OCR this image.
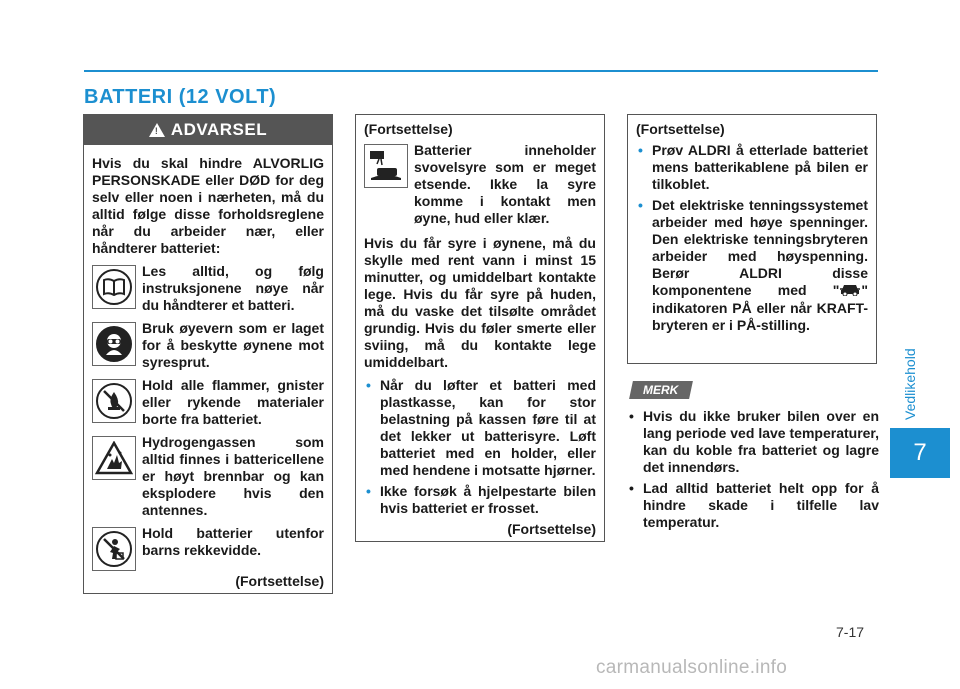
BATTERI (12 VOLT)
Vedlikehold
7
7-17
! ADVARSEL
Hvis du skal hindre ALVORLIG PERSONSKADE eller DØD for deg selv eller noen i nærheten, må du alltid følge disse forholdsreglene når du arbeider nær, eller håndterer batteriet:
Les alltid, og følg instruksjonene nøye når du håndterer et batteri.
Bruk øyevern som er laget for å beskytte øynene mot syresprut.
Hold alle flammer, gnister eller rykende materialer borte fra batteriet.
Hydrogengassen som alltid finnes i battericellene er høyt brennbar og kan eksplodere hvis den antennes.
Hold batterier utenfor barns rekkevidde.
(Fortsettelse)
(Fortsettelse)
Batterier inneholder svovelsyre som er meget etsende. Ikke la syre komme i kontakt men øyne, hud eller klær.
Hvis du får syre i øynene, må du skylle med rent vann i minst 15 minutter, og umiddelbart kontakte lege. Hvis du får syre på huden, må du vaske det tilsølte området grundig. Hvis du føler smerte eller sviing, må du kontakte lege umiddelbart.
• Når du løfter et batteri med plastkasse, kan for stor belastning på kassen føre til at det lekker ut batterisyre. Løft batteriet med en holder, eller med hendene i motsatte hjørner.
• Ikke forsøk å hjelpestarte bilen hvis batteriet er frosset.
(Fortsettelse)
(Fortsettelse)
• Prøv ALDRI å etterlade batteriet mens batterikablene på bilen er tilkoblet.
• Det elektriske tenningssystemet arbeider med høye spenninger. Den elektriske tenningsbryteren arbeider med høyspenning. Berør ALDRI disse komponentene med " " indikatoren PÅ eller når KRAFT-bryteren er i PÅ-stilling.
MERK
• Hvis du ikke bruker bilen over en lang periode ved lave temperaturer, kan du koble fra batteriet og lagre det innendørs.
• Lad alltid batteriet helt opp for å hindre skade i tilfelle lav temperatur.
carmanualsonline.info
